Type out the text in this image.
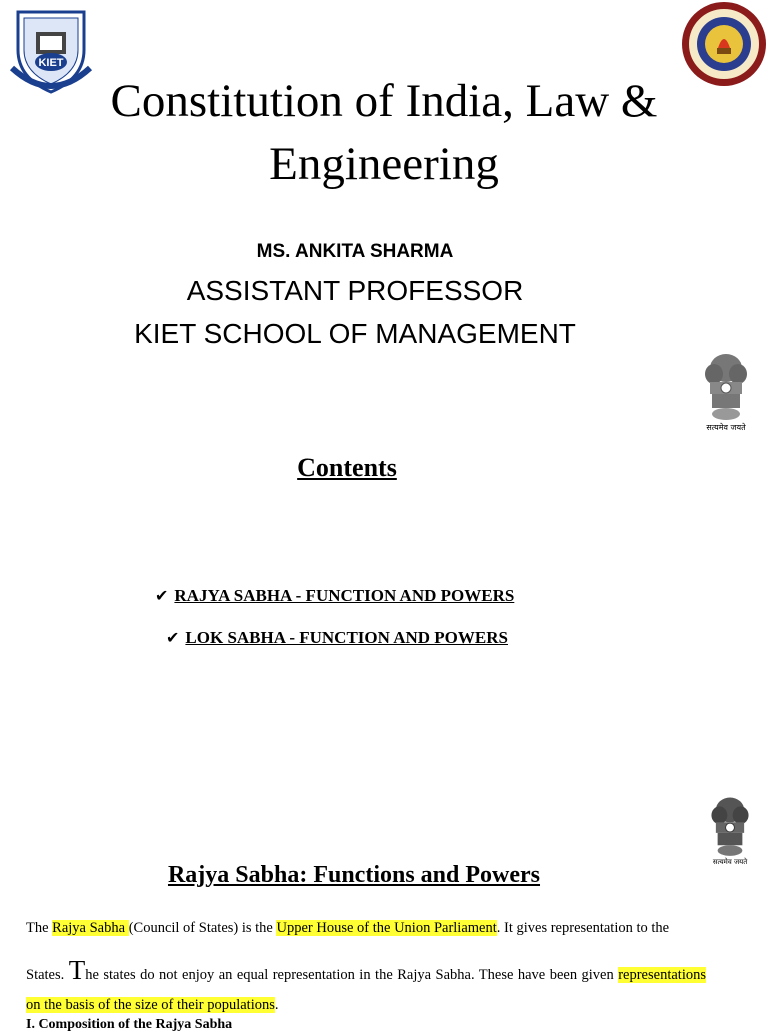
KIET
Constitution of India, Law & Engineering
MS. ANKITA SHARMA
ASSISTANT PROFESSOR
KIET SCHOOL OF MANAGEMENT
सत्यमेव जयते
Contents
✔ RAJYA SABHA - FUNCTION AND POWERS
✔ LOK SABHA - FUNCTION AND POWERS
सत्यमेव जयते
Rajya Sabha: Functions and Powers
The Rajya Sabha (Council of States) is the Upper House of the Union Parliament. It gives representation to the
States. The states do not enjoy an equal representation in the Rajya Sabha. These have been given representations on the basis of the size of their populations.
I. Composition of the Rajya Sabha
